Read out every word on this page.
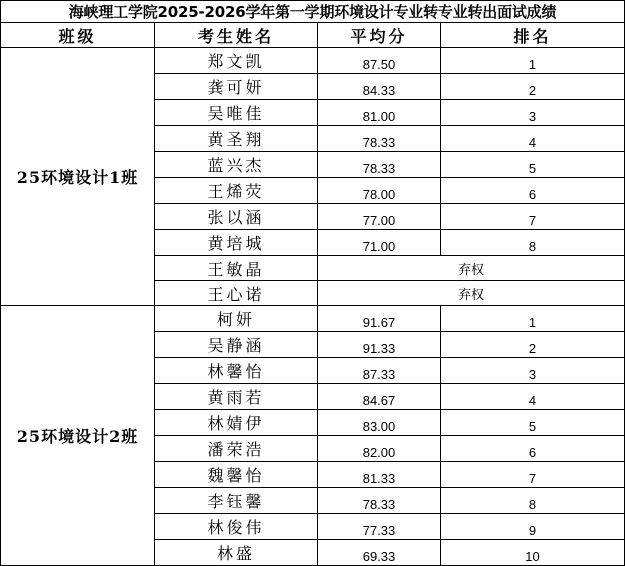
海峡理工学院2025-2026学年第一学期环境设计专业转专业转出面试成绩			
班级	考生姓名	平均分	排名
25环境设计1班	郑文凯	87.50	1
	龚可妍	84.33	2
	吴唯佳	81.00	3
	黄圣翔	78.33	4
	蓝兴杰	78.33	5
	王烯荧	78.00	6
	张以涵	77.00	7
	黄培城	71.00	8
	王敏晶	弃权	
	王心诺	弃权	
25环境设计2班	柯妍	91.67	1
	吴静涵	91.33	2
	林馨怡	87.33	3
	黄雨若	84.67	4
	林婧伊	83.00	5
	潘荣浩	82.00	6
	魏馨怡	81.33	7
	李钰馨	78.33	8
	林俊伟	77.33	9
	林盛	69.33	10
